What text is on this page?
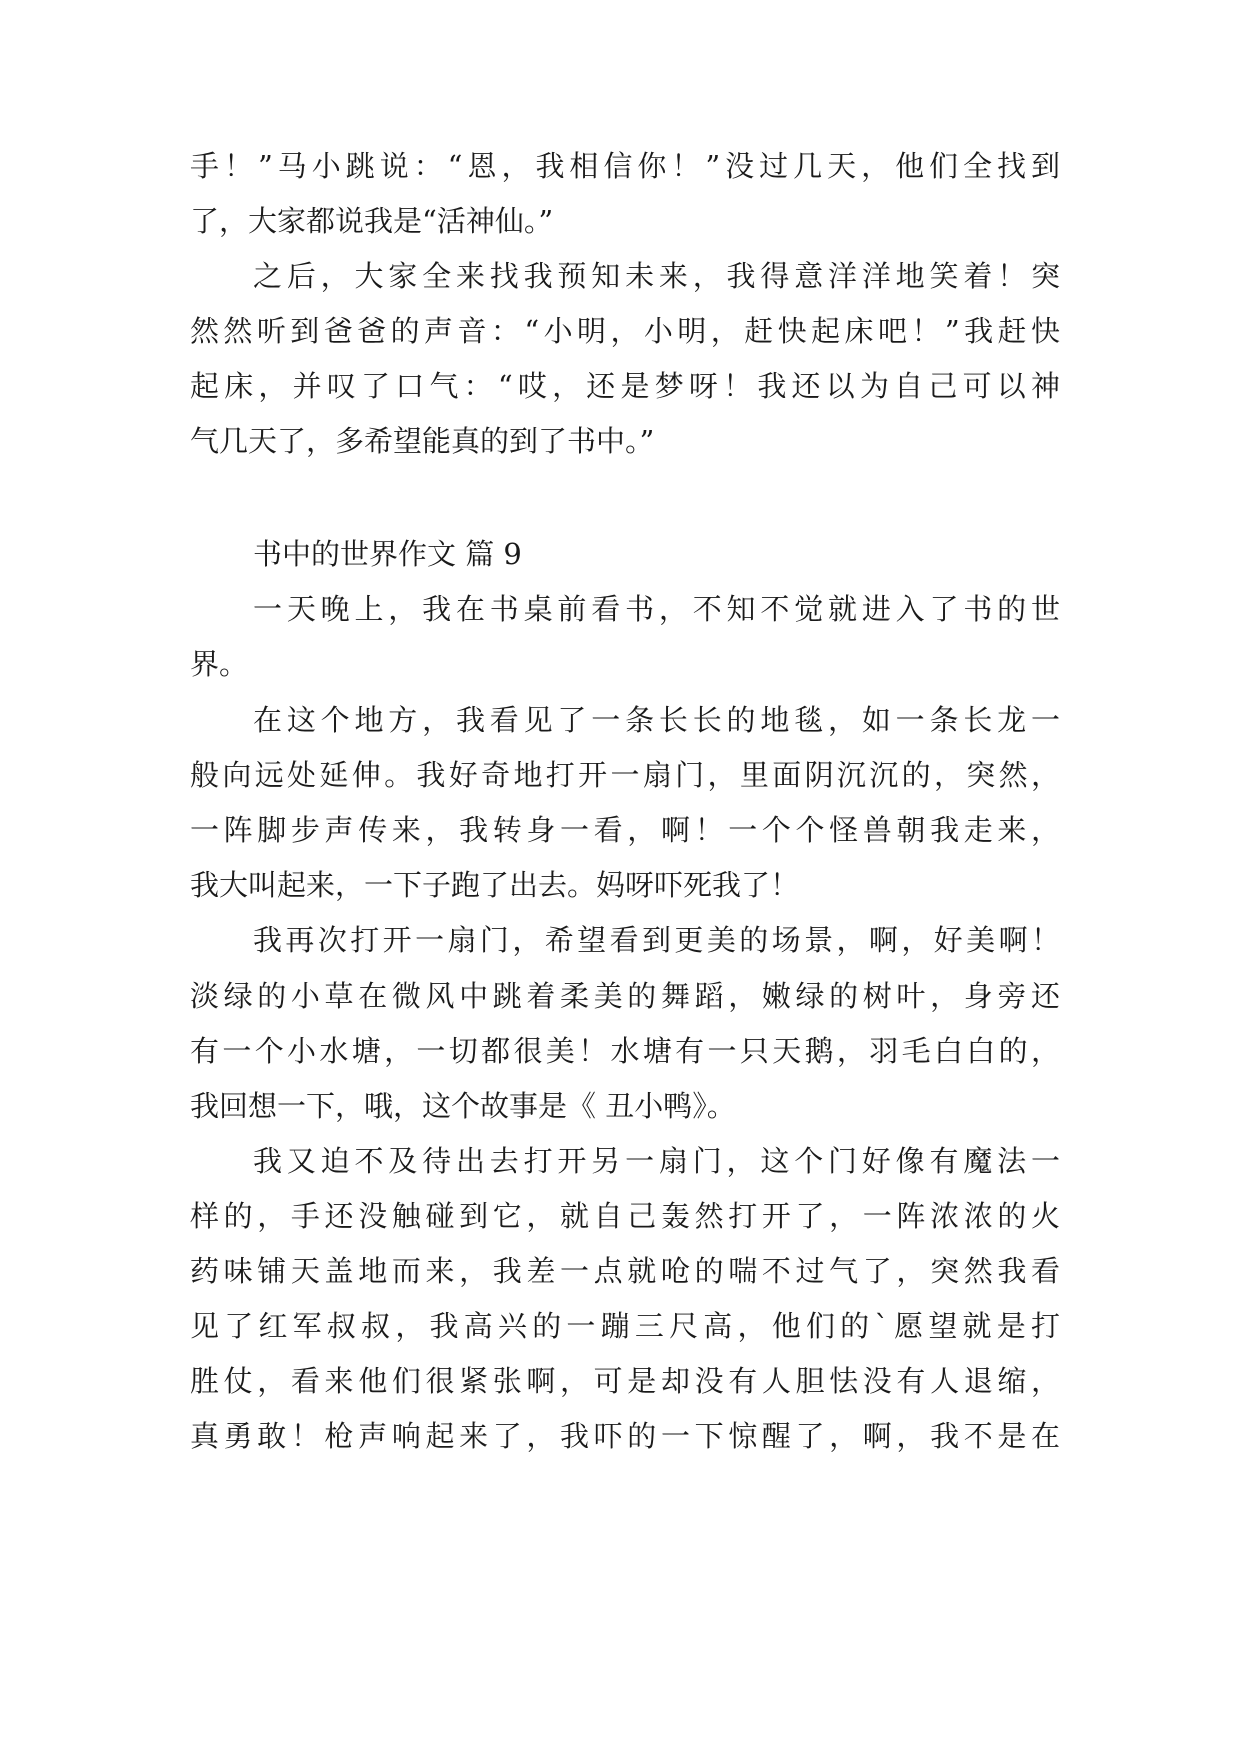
手！”马小跳说：“恩，我相信你！”没过几天，他们全找到
了，大家都说我是“活神仙。”
之后，大家全来找我预知未来，我得意洋洋地笑着！突
然然听到爸爸的声音：“小明，小明，赶快起床吧！”我赶快
起床，并叹了口气：“哎，还是梦呀！我还以为自己可以神
气几天了，多希望能真的到了书中。”
书中的世界作文 篇 9
一天晚上，我在书桌前看书，不知不觉就进入了书的世
界。
在这个地方，我看见了一条长长的地毯，如一条长龙一
般向远处延伸。我好奇地打开一扇门，里面阴沉沉的，突然，
一阵脚步声传来，我转身一看，啊！一个个怪兽朝我走来，
我大叫起来，一下子跑了出去。妈呀吓死我了！
我再次打开一扇门，希望看到更美的场景，啊，好美啊！
淡绿的小草在微风中跳着柔美的舞蹈，嫩绿的树叶，身旁还
有一个小水塘，一切都很美！水塘有一只天鹅，羽毛白白的，
我回想一下，哦，这个故事是《 丑小鸭》。
我又迫不及待出去打开另一扇门，这个门好像有魔法一
样的，手还没触碰到它，就自己轰然打开了，一阵浓浓的火
药味铺天盖地而来，我差一点就呛的喘不过气了，突然我看
见了红军叔叔，我高兴的一蹦三尺高，他们的`愿望就是打
胜仗，看来他们很紧张啊，可是却没有人胆怯没有人退缩，
真勇敢！枪声响起来了，我吓的一下惊醒了，啊，我不是在
